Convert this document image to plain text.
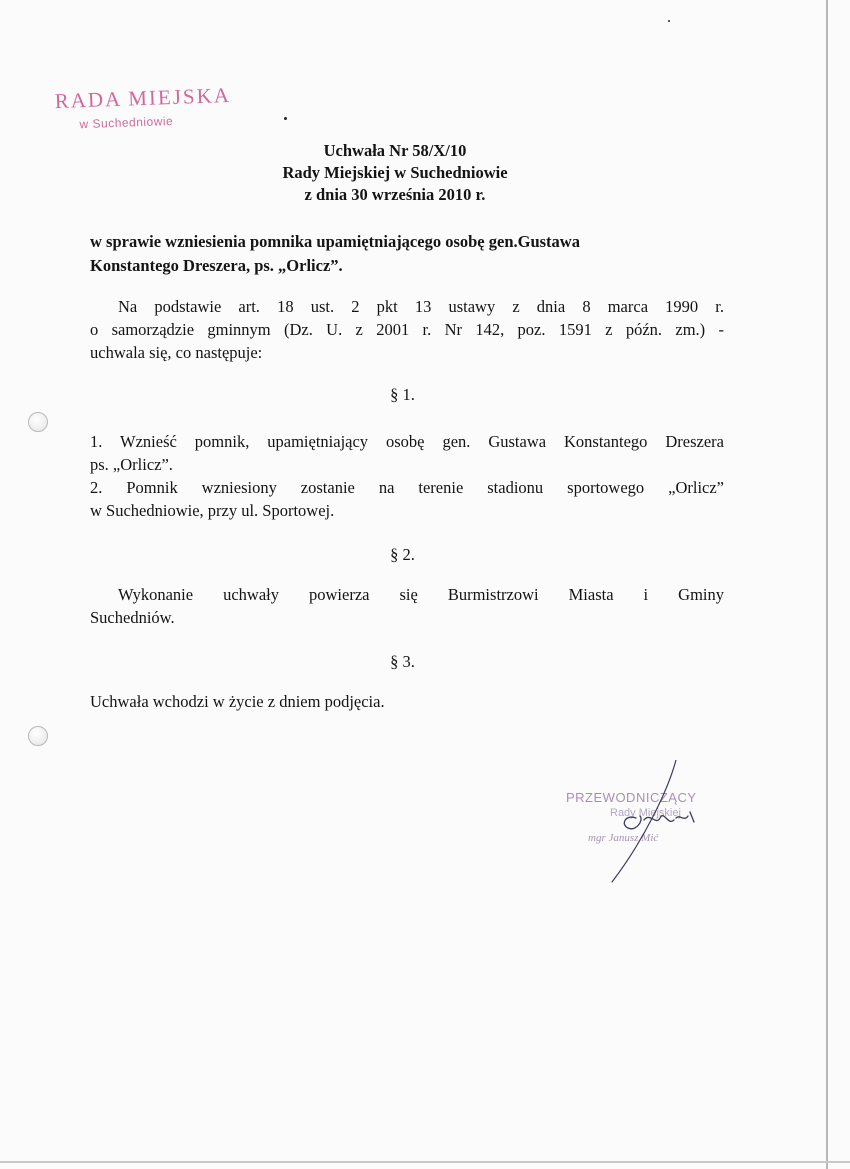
RADA MIEJSKA
w Suchedniowie
Uchwała Nr 58/X/10
Rady Miejskiej w Suchedniowie
z dnia 30 września 2010 r.
w sprawie wzniesienia pomnika upamiętniającego osobę gen.Gustawa
Konstantego Dreszera, ps. „Orlicz”.
Na podstawie art. 18 ust. 2 pkt 13 ustawy z dnia 8 marca 1990 r.
o samorządzie gminnym (Dz. U. z 2001 r. Nr 142, poz. 1591 z późn. zm.) -
uchwala się, co następuje:
§ 1.
1. Wznieść pomnik, upamiętniający osobę gen. Gustawa Konstantego Dreszera
ps. „Orlicz”.
2. Pomnik wzniesiony zostanie na terenie stadionu sportowego „Orlicz”
w Suchedniowie, przy ul. Sportowej.
§ 2.
Wykonanie uchwały powierza się Burmistrzowi Miasta i Gminy
Suchedniów.
§ 3.
Uchwała wchodzi w życie z dniem podjęcia.
PRZEWODNICZĄCY
Rady Miejskiej
mgr Janusz Mić
